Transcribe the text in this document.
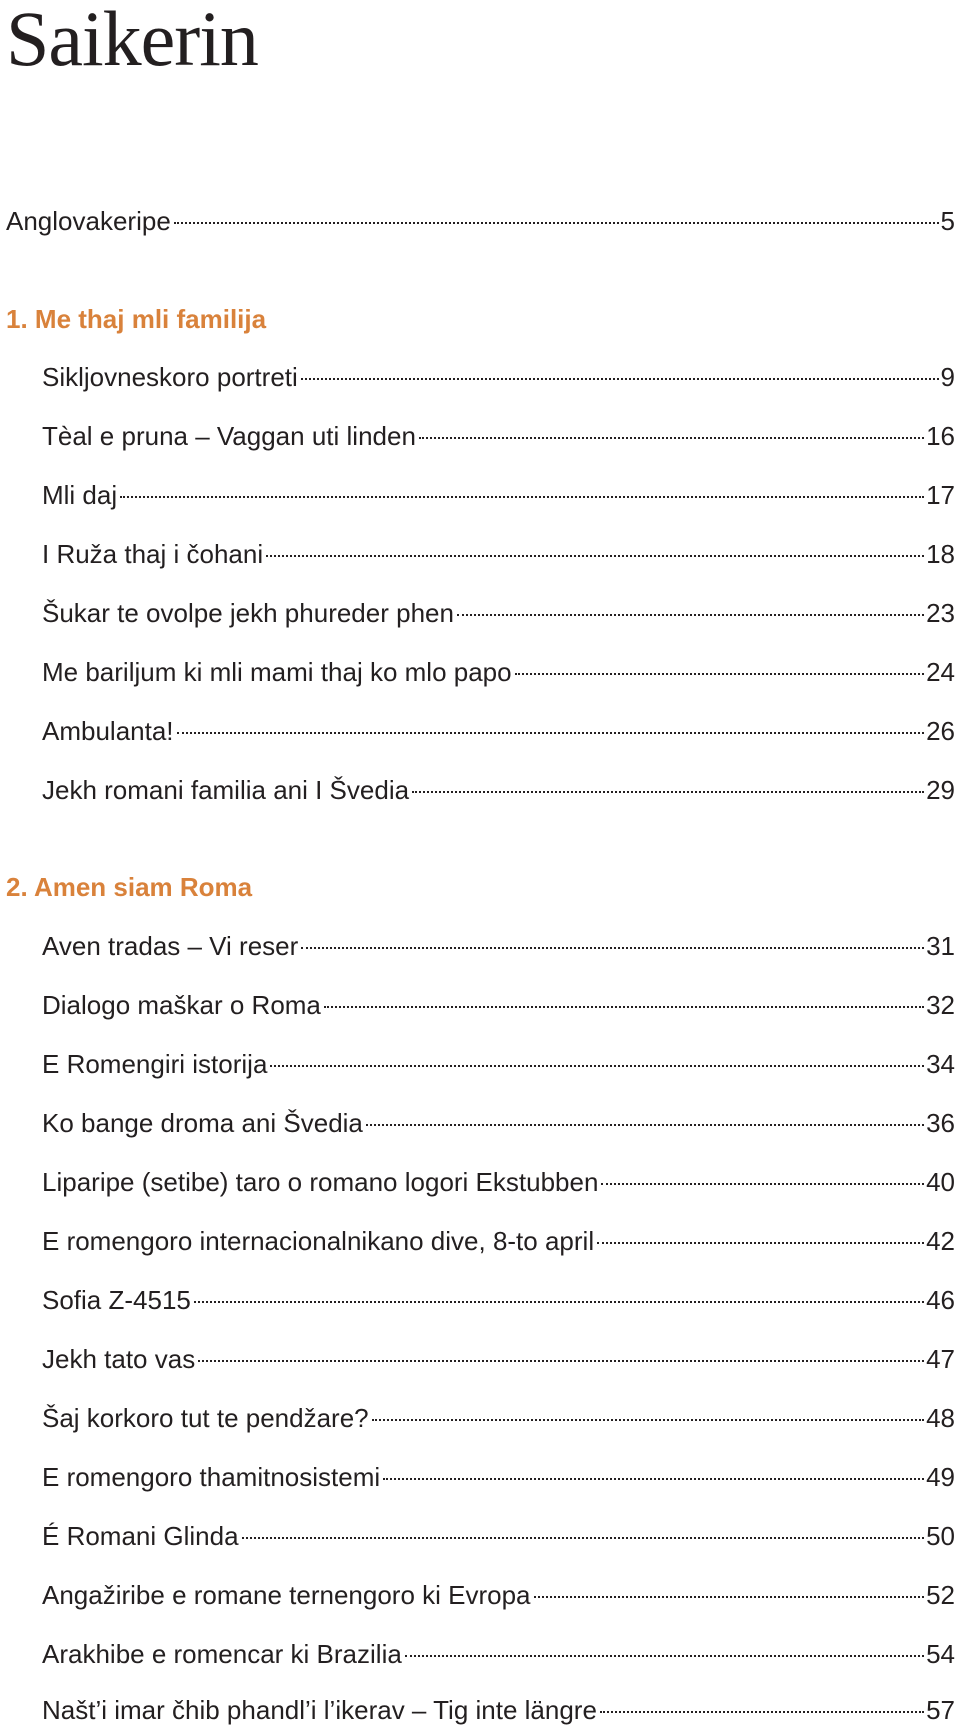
Saikerin
Anglovakeripe	5
1. Me thaj mli familija
Sikljovneskoro portreti	9
Tèal e pruna – Vaggan uti linden	16
Mli daj	17
I Ruža thaj i čohani	18
Šukar te ovolpe jekh phureder phen	23
Me bariljum ki mli mami thaj ko mlo papo	24
Ambulanta!	26
Jekh romani familia ani I Švedia	29
2. Amen siam Roma
Aven tradas – Vi reser	31
Dialogo maškar o Roma	32
E Romengiri istorija	34
Ko bange droma ani Švedia	36
Liparipe (setibe) taro o romano logori Ekstubben	40
E romengoro internacionalnikano dive, 8-to april	42
Sofia Z-4515	46
Jekh tato vas	47
Šaj korkoro tut te pendžare?	48
E romengoro thamitnosistemi	49
É Romani Glinda	50
Angažiribe e romane ternengoro ki Evropa	52
Arakhibe e romencar ki Brazilia	54
Našt’i imar čhib phandl’i l’ikerav – Tig inte längre	57
